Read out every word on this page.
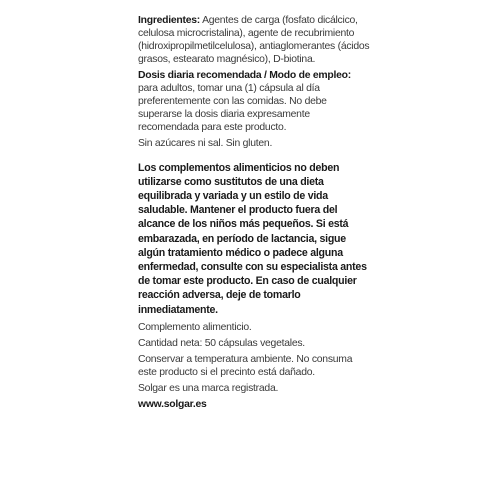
Ingredientes: Agentes de carga (fosfato dicálcico, celulosa microcristalina), agente de recubrimiento (hidroxipropilmetilcelulosa), antiaglomerantes (ácidos grasos, estearato magnésico), D-biotina.

Dosis diaria recomendada / Modo de empleo: para adultos, tomar una (1) cápsula al día preferentemente con las comidas. No debe superarse la dosis diaria expresamente recomendada para este producto.

Sin azúcares ni sal. Sin gluten.

Los complementos alimenticios no deben utilizarse como sustitutos de una dieta equilibrada y variada y un estilo de vida saludable. Mantener el producto fuera del alcance de los niños más pequeños. Si está embarazada, en período de lactancia, sigue algún tratamiento médico o padece alguna enfermedad, consulte con su especialista antes de tomar este producto. En caso de cualquier reacción adversa, deje de tomarlo inmediatamente.

Complemento alimenticio.

Cantidad neta: 50 cápsulas vegetales.

Conservar a temperatura ambiente. No consuma este producto si el precinto está dañado.

Solgar es una marca registrada.

www.solgar.es
